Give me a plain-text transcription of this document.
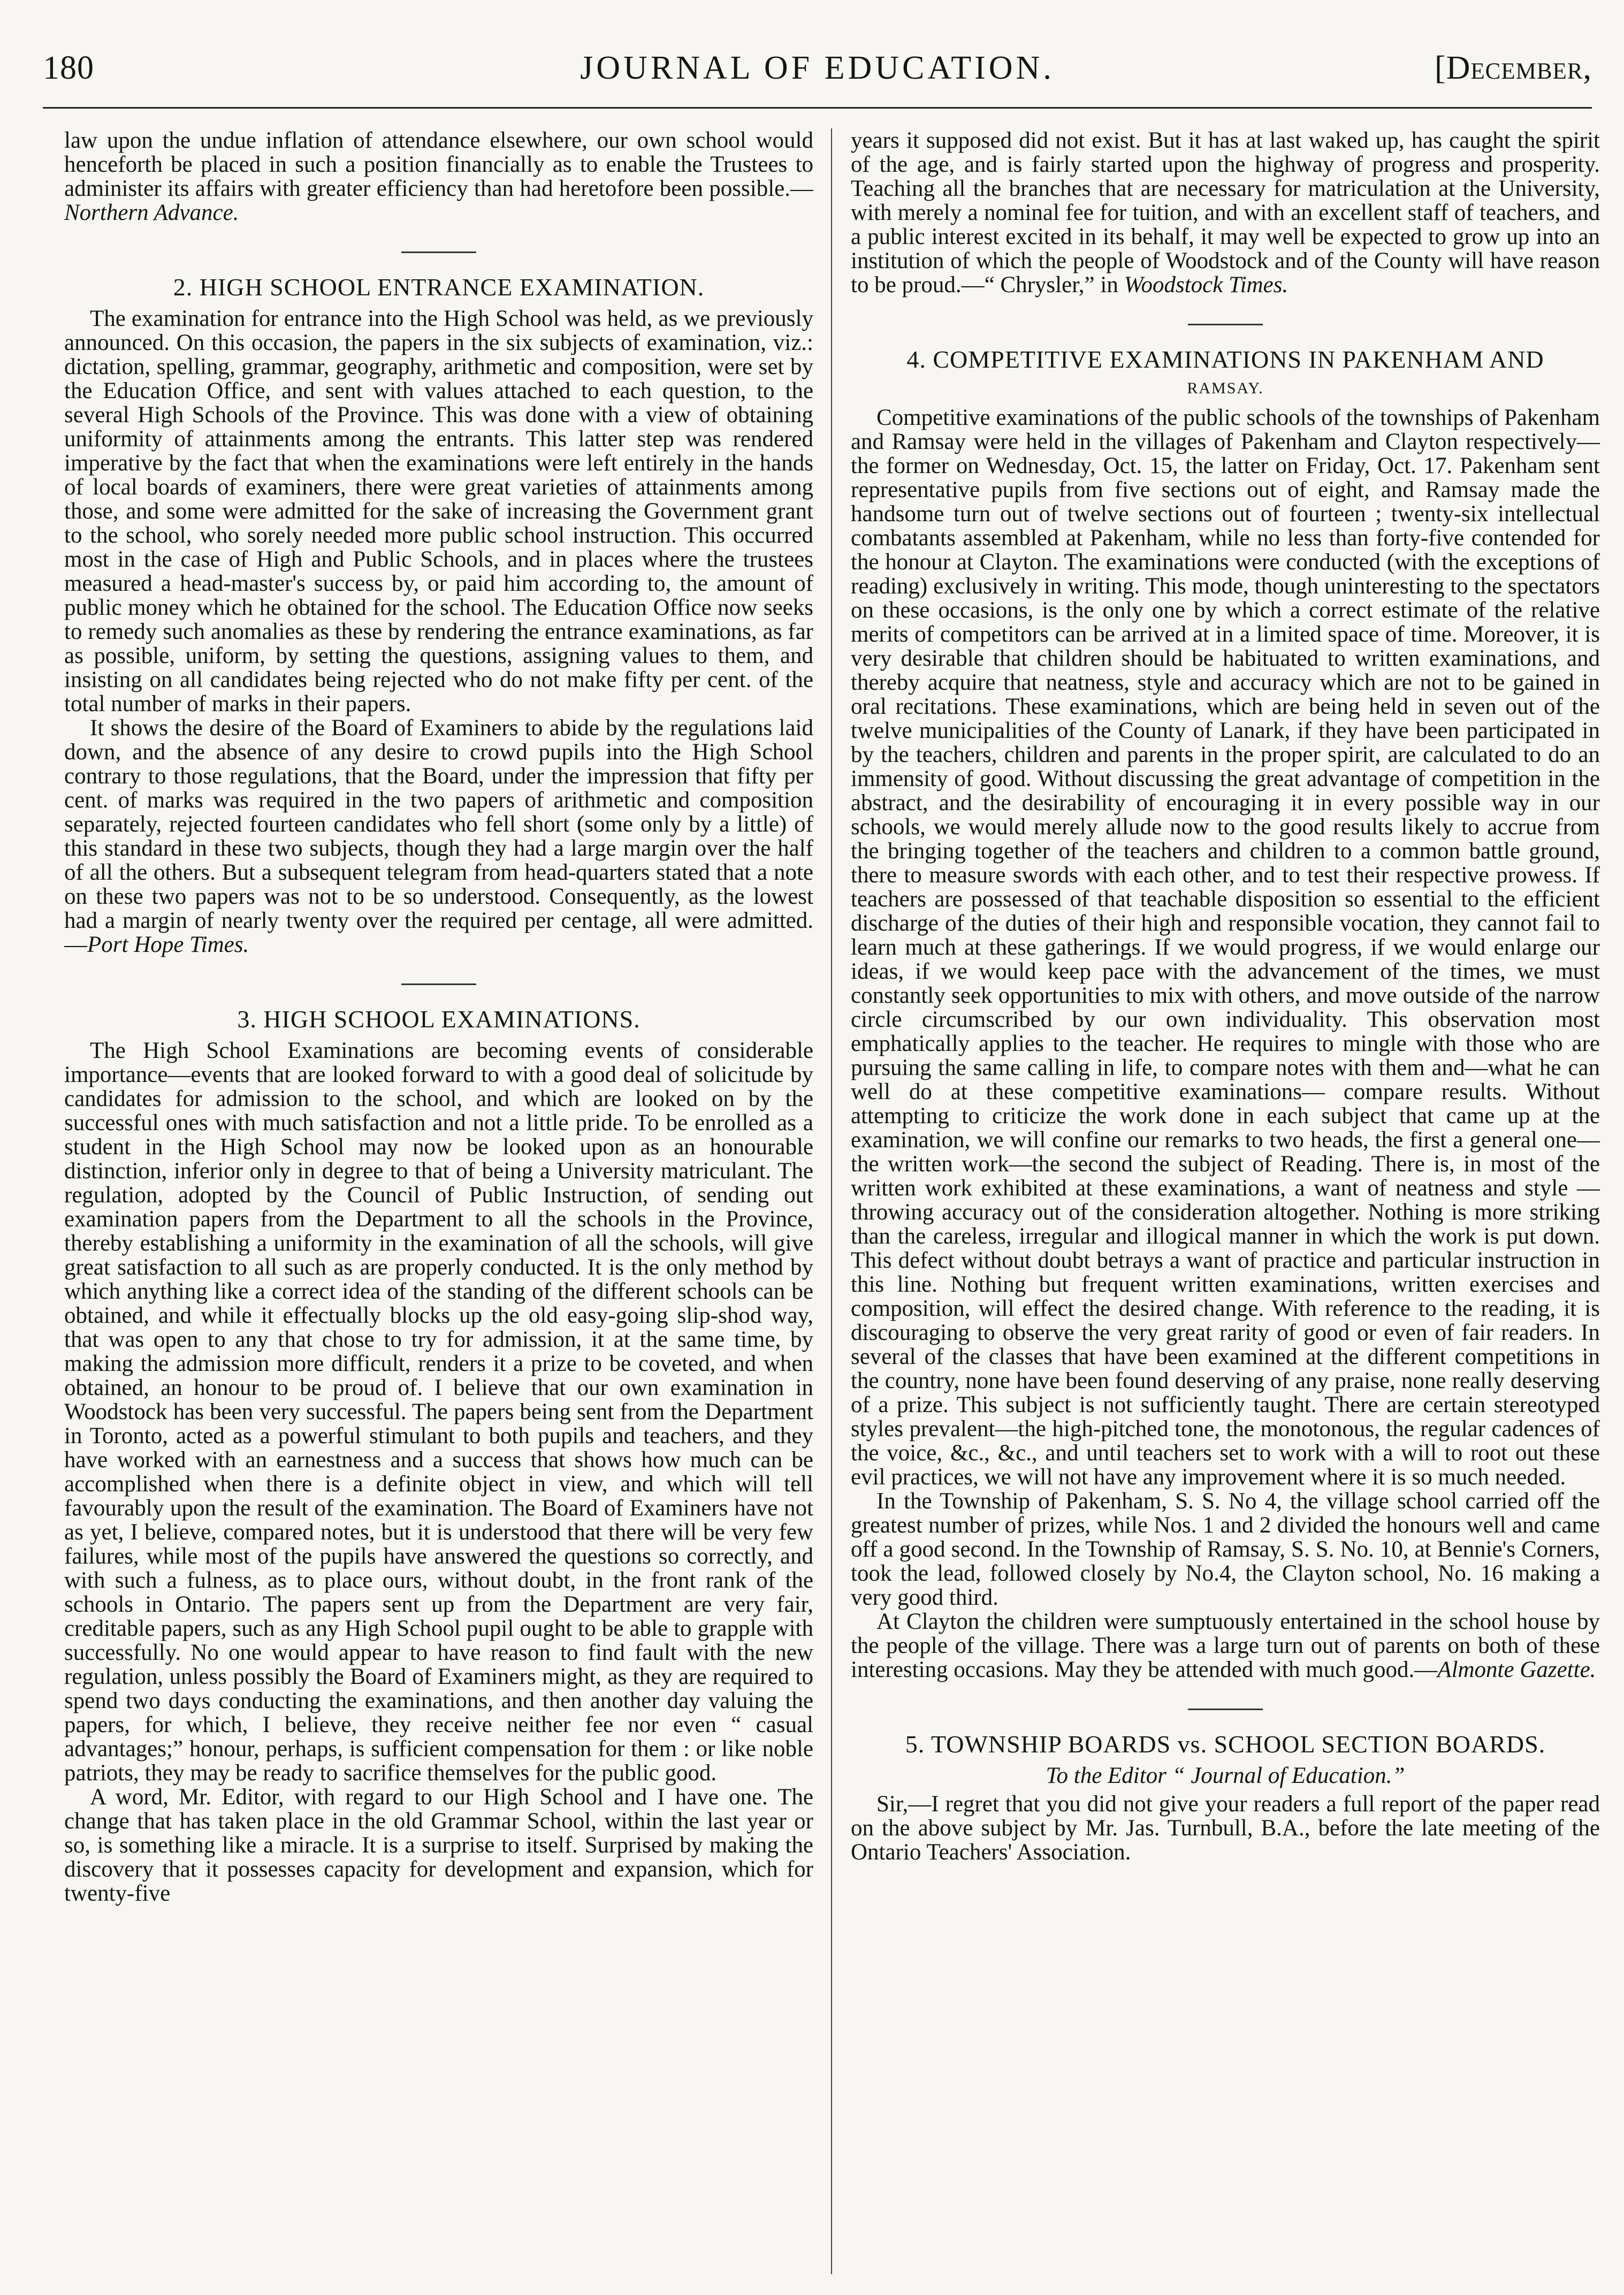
180	JOURNAL OF EDUCATION.	[December,

law upon the undue inflation of attendance elsewhere, our own school would henceforth be placed in such a position financially as to enable the Trustees to administer its affairs with greater efficiency than had heretofore been possible.—Northern Advance.

2. HIGH SCHOOL ENTRANCE EXAMINATION.

The examination for entrance into the High School was held, as we previously announced. On this occasion, the papers in the six subjects of examination, viz.: dictation, spelling, grammar, geography, arithmetic and composition, were set by the Education Office, and sent with values attached to each question, to the several High Schools of the Province. This was done with a view of obtaining uniformity of attainments among the entrants. This latter step was rendered imperative by the fact that when the examinations were left entirely in the hands of local boards of examiners, there were great varieties of attainments among those, and some were admitted for the sake of increasing the Government grant to the school, who sorely needed more public school instruction. This occurred most in the case of High and Public Schools, and in places where the trustees measured a head-master's success by, or paid him according to, the amount of public money which he obtained for the school. The Education Office now seeks to remedy such anomalies as these by rendering the entrance examinations, as far as possible, uniform, by setting the questions, assigning values to them, and insisting on all candidates being rejected who do not make fifty per cent. of the total number of marks in their papers.

It shows the desire of the Board of Examiners to abide by the regulations laid down, and the absence of any desire to crowd pupils into the High School contrary to those regulations, that the Board, under the impression that fifty per cent. of marks was required in the two papers of arithmetic and composition separately, rejected fourteen candidates who fell short (some only by a little) of this standard in these two subjects, though they had a large margin over the half of all the others. But a subsequent telegram from head-quarters stated that a note on these two papers was not to be so understood. Consequently, as the lowest had a margin of nearly twenty over the required per centage, all were admitted.—Port Hope Times.

3. HIGH SCHOOL EXAMINATIONS.

The High School Examinations are becoming events of considerable importance—events that are looked forward to with a good deal of solicitude by candidates for admission to the school, and which are looked on by the successful ones with much satisfaction and not a little pride. To be enrolled as a student in the High School may now be looked upon as an honourable distinction, inferior only in degree to that of being a University matriculant. The regulation, adopted by the Council of Public Instruction, of sending out examination papers from the Department to all the schools in the Province, thereby establishing a uniformity in the examination of all the schools, will give great satisfaction to all such as are properly conducted. It is the only method by which anything like a correct idea of the standing of the different schools can be obtained, and while it effectually blocks up the old easy-going slip-shod way, that was open to any that chose to try for admission, it at the same time, by making the admission more difficult, renders it a prize to be coveted, and when obtained, an honour to be proud of. I believe that our own examination in Woodstock has been very successful. The papers being sent from the Department in Toronto, acted as a powerful stimulant to both pupils and teachers, and they have worked with an earnestness and a success that shows how much can be accomplished when there is a definite object in view, and which will tell favourably upon the result of the examination. The Board of Examiners have not as yet, I believe, compared notes, but it is understood that there will be very few failures, while most of the pupils have answered the questions so correctly, and with such a fulness, as to place ours, without doubt, in the front rank of the schools in Ontario. The papers sent up from the Department are very fair, creditable papers, such as any High School pupil ought to be able to grapple with successfully. No one would appear to have reason to find fault with the new regulation, unless possibly the Board of Examiners might, as they are required to spend two days conducting the examinations, and then another day valuing the papers, for which, I believe, they receive neither fee nor even “ casual advantages;” honour, perhaps, is sufficient compensation for them : or like noble patriots, they may be ready to sacrifice themselves for the public good.

A word, Mr. Editor, with regard to our High School and I have one. The change that has taken place in the old Grammar School, within the last year or so, is something like a miracle. It is a surprise to itself. Surprised by making the discovery that it possesses capacity for development and expansion, which for twenty-five

years it supposed did not exist. But it has at last waked up, has caught the spirit of the age, and is fairly started upon the highway of progress and prosperity. Teaching all the branches that are necessary for matriculation at the University, with merely a nominal fee for tuition, and with an excellent staff of teachers, and a public interest excited in its behalf, it may well be expected to grow up into an institution of which the people of Woodstock and of the County will have reason to be proud.—“ Chrysler,” in Woodstock Times.

4. COMPETITIVE EXAMINATIONS IN PAKENHAM AND
RAMSAY.

Competitive examinations of the public schools of the townships of Pakenham and Ramsay were held in the villages of Pakenham and Clayton respectively—the former on Wednesday, Oct. 15, the latter on Friday, Oct. 17. Pakenham sent representative pupils from five sections out of eight, and Ramsay made the handsome turn out of twelve sections out of fourteen ; twenty-six intellectual combatants assembled at Pakenham, while no less than forty-five contended for the honour at Clayton. The examinations were conducted (with the exceptions of reading) exclusively in writing. This mode, though uninteresting to the spectators on these occasions, is the only one by which a correct estimate of the relative merits of competitors can be arrived at in a limited space of time. Moreover, it is very desirable that children should be habituated to written examinations, and thereby acquire that neatness, style and accuracy which are not to be gained in oral recitations. These examinations, which are being held in seven out of the twelve municipalities of the County of Lanark, if they have been participated in by the teachers, children and parents in the proper spirit, are calculated to do an immensity of good. Without discussing the great advantage of competition in the abstract, and the desirability of encouraging it in every possible way in our schools, we would merely allude now to the good results likely to accrue from the bringing together of the teachers and children to a common battle ground, there to measure swords with each other, and to test their respective prowess. If teachers are possessed of that teachable disposition so essential to the efficient discharge of the duties of their high and responsible vocation, they cannot fail to learn much at these gatherings. If we would progress, if we would enlarge our ideas, if we would keep pace with the advancement of the times, we must constantly seek opportunities to mix with others, and move outside of the narrow circle circumscribed by our own individuality. This observation most emphatically applies to the teacher. He requires to mingle with those who are pursuing the same calling in life, to compare notes with them and—what he can well do at these competitive examinations— compare results. Without attempting to criticize the work done in each subject that came up at the examination, we will confine our remarks to two heads, the first a general one—the written work—the second the subject of Reading. There is, in most of the written work exhibited at these examinations, a want of neatness and style —throwing accuracy out of the consideration altogether. Nothing is more striking than the careless, irregular and illogical manner in which the work is put down. This defect without doubt betrays a want of practice and particular instruction in this line. Nothing but frequent written examinations, written exercises and composition, will effect the desired change. With reference to the reading, it is discouraging to observe the very great rarity of good or even of fair readers. In several of the classes that have been examined at the different competitions in the country, none have been found deserving of any praise, none really deserving of a prize. This subject is not sufficiently taught. There are certain stereotyped styles prevalent—the high-pitched tone, the monotonous, the regular cadences of the voice, &c., &c., and until teachers set to work with a will to root out these evil practices, we will not have any improvement where it is so much needed.

In the Township of Pakenham, S. S. No 4, the village school carried off the greatest number of prizes, while Nos. 1 and 2 divided the honours well and came off a good second. In the Township of Ramsay, S. S. No. 10, at Bennie's Corners, took the lead, followed closely by No.4, the Clayton school, No. 16 making a very good third.

At Clayton the children were sumptuously entertained in the school house by the people of the village. There was a large turn out of parents on both of these interesting occasions. May they be attended with much good.—Almonte Gazette.

5. TOWNSHIP BOARDS vs. SCHOOL SECTION BOARDS.
To the Editor “ Journal of Education.”

Sir,—I regret that you did not give your readers a full report of the paper read on the above subject by Mr. Jas. Turnbull, B.A., before the late meeting of the Ontario Teachers' Association.
